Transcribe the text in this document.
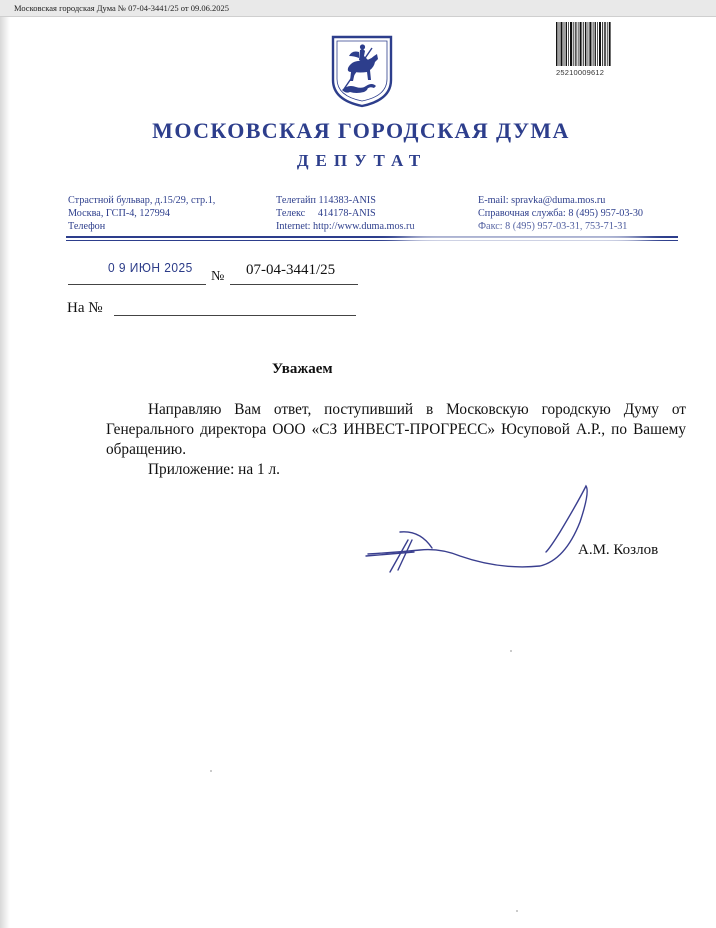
Московская городская Дума № 07-04-3441/25 от 09.06.2025
25210009612
МОСКОВСКАЯ ГОРОДСКАЯ ДУМА
ДЕПУТАТ
Страстной бульвар, д.15/29, стр.1,
Москва, ГСП-4, 127994
Телефон
Телетайп 114383-ANIS
Телекс     414178-ANIS
Internet: http://www.duma.mos.ru
E-mail: spravka@duma.mos.ru
Справочная служба: 8 (495) 957-03-30
Факс: 8 (495) 957-03-31, 753-71-31
0 9 ИЮН 2025
№ 07-04-3441/25
На №
Уважаем

Направляю Вам ответ, поступивший в Московскую городскую Думу от Генерального директора ООО «СЗ ИНВЕСТ-ПРОГРЕСС» Юсуповой А.Р., по Вашему обращению.

Приложение: на 1 л.

А.М. Козлов
